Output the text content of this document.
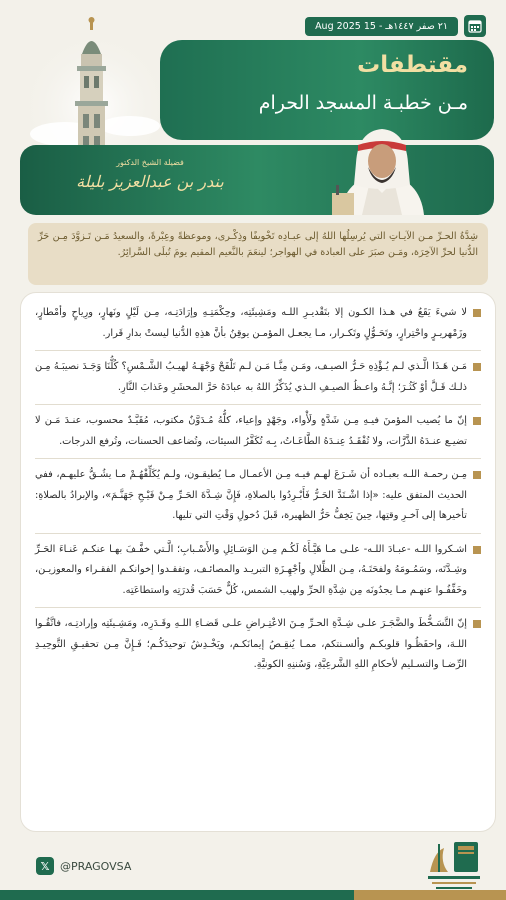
٢١ صفر ١٤٤٧هـ - 15 Aug 2025
مقتطفات
مـن خطبـة المسجد الحرام
فضيلة الشيخ الدكتور
بندر بن عبدالعزيز بليلة
شِدَّةُ الحـرِّ مـن الآيـاتِ التي يُرسِلُها اللهُ إلى عبـادِه تَخْويفًا وذِكْـرى، وموعظةً وعِبْرةً، والسعيدُ مَـن تَـزوَّدَ مِـن حَرِّ الدُّنيا لحرِّ الآخِرَة، ومَـن صبَرَ على العبادة في الهواجر؛ لينعَمَ بالنَّعيم المقيم يومَ تُبلَى السَّرائِرُ.
لا شيءَ يَقَعُ في هـذا الكـون إلا بتَقْديـرِ اللـه ومَشِيئَتِه، وحِكْمَتِـهِ وإرَادَتِـه، مِـن لَيْلٍ ونَهارٍ، ورِياحٍ وأمْطارٍ، وزَمْهريـرٍ واحْتِرارٍ، وتَحَـوُّلٍ وتَكـرار، مـا يجعـل المؤمـن يوقِنُ بأنَّ هذِهِ الدُّنيا ليستْ بدارِ قَرار.
مَـن هَـذَا الَّـذي لـم يُـؤْذِهِ حَـرُّ الصيـف، ومَـن مِنَّـا مَـن لـم تَلْفَحْ وَجْهَـهُ لهيـبُ الشَّـمْسِ؟ كُلُّنَا وَجَـدَ نصيبَـهُ مِـن ذلـك قَـلَّ أوْ كَثُـرَ؛ إنَّـهُ واعـظُ الصيـفِ الـذي يُذَكِّرُ اللهُ به عبادَهُ حَرَّ المحشَرِ وعَذابَ النَّارِ.
إنّ ما يُصيب المؤمنَ فيـهِ مِـن شَدَّةٍ ولَأْواء، وجَهْدٍ وإعياء، كلُّهُ مُـدَوَّنٌ مكتوب، مُقَيَّـدٌ محسوب، عنـدَ مَـن لا تضيـع عنـدَهُ الذَّرَّات، ولا تُفْقَـدُ عِنـدَهُ الطَّاعَـاتُ، بِـه تُكَفَّرُ السيئات، وتُضاعف الحسنات، وتُرفع الدرجات.
مِـن رحمـة اللـه بعبـاده أن شَـرَعَ لهـم فيـه مِـن الأعمـال مـا يُطيقـون، ولـم يُكَلِّفْهُـمْ مـا يشُـقُّ عليهـم، ففي الحديث المتفق عليه: «إذا اشْـتَدَّ الحَـرُّ فَأَبْـرِدُوا بالصلاةِ، فَإِنَّ شِـدَّةَ الحَـرِّ مِـنْ فَيْـحِ جَهَنَّـمَ»، والإبرادُ بالصلاةِ: تأخيرها إلى آخـرِ وقتِها، حِينَ يَخِفُّ حَرُّ الظهيرة، قَبلَ دُخولِ وَقْتِ التي تليها.
اشـكروا اللـه -عبـادَ اللـه- علـى مـا هَيَّـأَهُ لَكُـم مِـن الوَسَـائِلِ والأَسْـبابِ؛ الَّـتي خفَّـفَ بهـا عنكـم عَنـاءَ الحَـرِّ وشِـدَّتَه، وسَمُـومَهُ ولفحَتَـهُ، مِـن الظِّلالِ وأجْهِـزَةِ التبريـد والمصائـف، وتفقـدوا إخوانكـم الفقـراء والمعوزيـن، وخَفِّفُـوا عنهـم مـا يجدُونَه مِن شِدَّةِ الحرِّ ولهيب الشمس، كُلٌّ حَسَبَ قُدرَتِه واستطاعَتِه.
إنّ التَّسَـخُّطَ والضَّجَـرَ علـى شِـدَّةِ الحـرِّ مِـنَ الاعْتِـراضِ علـى قَضـاءِ اللـهِ وقَـدَرِه، ومَشِـيئَتِه وإرادتِـه، فاتَّقُـوا اللـهَ، واحفَظُـوا قلوبكـم وألسـنتكم، ممـا يُنقِـصُ إيمانَكـم، ويَخْـدِشُ توحيدَكُـم؛ فَـإِنَّ مِـن تحقيـقِ التَّوحِيـدِ الرِّضـا والتسـليم لأحكامِ اللهِ الشَّرعِيَّةِ، وَسُننِهِ الكونيَّةِ.
𝕏 @PRAGOVSA
